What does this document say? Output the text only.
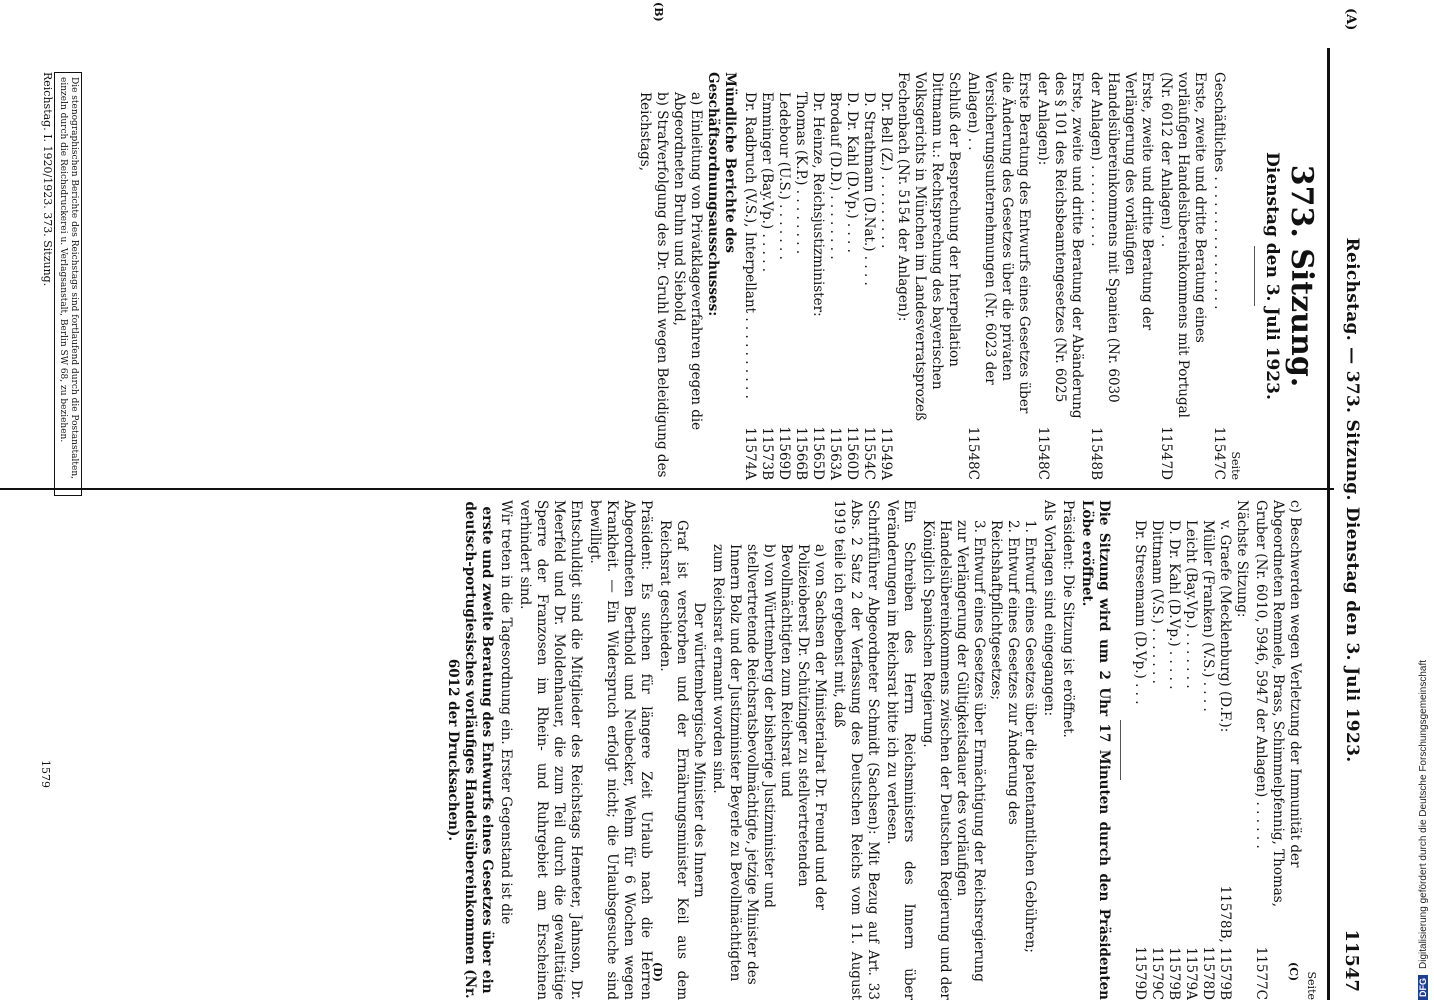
(A)
Reichstag. — 373. Sitzung. Dienstag den 3. Juli 1923.
11547
(B)
(C)
(D)
373. Sitzung.
Dienstag den 3. Juli 1923.
Seite
Geschäftliches . . . . . . . . . . . . . . . .
11547C
Erste, zweite und dritte Beratung eines vorläufigen Handelsübereinkommens mit Portugal (Nr. 6012 der Anlagen) . .
11547D
Erste, zweite und dritte Beratung der Verlängerung des vorläufigen Handelsübereinkommens mit Spanien (Nr. 6030 der Anlagen) . . . . . . . . . .
11548B
Erste, zweite und dritte Beratung der Abänderung des § 101 des Reichsbeamtengesetzes (Nr. 6025 der Anlagen):
11548C
Erste Beratung des Entwurfs eines Gesetzes über die Änderung des Gesetzes über die privaten Versicherungsunternehmungen (Nr. 6023 der Anlagen) . .
11548C
Schluß der Besprechung der Interpellation Dittmann u.: Rechtsprechung des bayerischen Volksgerichts in München im Landesverratsprozeß Fechenbach (Nr. 5154 der Anlagen):
Dr. Bell (Z.) . . . . . . . . .
11549A
D. Strathmann (D.Nat.) . . . .
11554C
D. Dr. Kahl (D.Vp.) . . . .
11560D
Brodauf (D.D.) . . . . . . . .
11563A
Dr. Heinze, Reichsjustizminister:
11565D
Thomas (K.P.) . . . . . . . .
11566B
Ledebour (U.S.) . . . . . . .
11569D
Emminger (Bay.Vp.) . . . . .
11573B
Dr. Radbruch (V.S.), Interpellant . . . . . . . . . .
11574A
Mündliche Berichte des Geschäftsordnungsausschusses:
a) Einleitung von Privatklageverfahren gegen die Abgeordneten Bruhn und Siebold,
b) Strafverfolgung des Dr. Gruhl wegen Beleidigung des Reichstags,
Die stenographischen Berichte des Reichstags sind fortlaufend durch die Postanstalten, einzeln durch die Reichsdruckerei u. Verlagsanstalt, Berlin SW 68, zu beziehen.
Reichstag. I. 1920/1923. 373. Sitzung.
Seite
c) Beschwerden wegen Verletzung der Immunität der Abgeordneten Remmele, Brass, Schimmelpfennig, Thomas, Gruber (Nr. 6010, 5946, 5947 der Anlagen) . . . . . .
11577C
Nächste Sitzung:
v. Graefe (Mecklenburg) (D.F.):
11578B, 11579B
Müller (Franken) (V.S.) . . . .
11578D
Leicht (Bay.Vp.) . . . . . . .
11579A
D. Dr. Kahl (D.Vp.) . . . . .
11579B
Dittmann (V.S.) . . . . . . .
11579C
Dr. Stresemann (D.Vp.) . . .
11579D

Die Sitzung wird um 2 Uhr 17 Minuten durch den Präsidenten Löbe eröffnet.

Präsident: Die Sitzung ist eröffnet.

Als Vorlagen sind eingegangen:

1. Entwurf eines Gesetzes über die patentamtlichen Gebühren;
2. Entwurf eines Gesetzes zur Änderung des Reichshaftpflichtgesetzes;
3. Entwurf eines Gesetzes über Ermächtigung der Reichsregierung zur Verlängerung der Gültigkeitsdauer des vorläufigen Handelsübereinkommens zwischen der Deutschen Regierung und der Königlich Spanischen Regierung.

Ein Schreiben des Herrn Reichsministers des Innern über Veränderungen im Reichsrat bitte ich zu verlesen.

Schriftführer Abgeordneter Schmidt (Sachsen): Mit Bezug auf Art. 33 Abs. 2 Satz 2 der Verfassung des Deutschen Reichs vom 11. August 1919 teile ich ergebenst mit, daß

a) von Sachsen der Ministerialrat Dr. Freund und der Polizeioberst Dr. Schützinger zu stellvertretenden Bevollmächtigten zum Reichsrat und
b) von Württemberg der bisherige Justizminister und stellvertretende Reichsratsbevollmächtigte, jetzige Minister des Innern Bolz und der Justizminister Beyerle zu Bevollmächtigten zum Reichsrat ernannt worden sind.
Der württembergische Minister des Innern

Graf ist verstorben und der Ernährungsminister Keil aus dem Reichsrat geschieden.

Präsident: Es suchen für längere Zeit Urlaub nach die Herren Abgeordneten Berthold und Neubecker, Wehm für 6 Wochen wegen Krankheit. — Ein Widerspruch erfolgt nicht; die Urlaubsgesuche sind bewilligt.

Entschuldigt sind die Mitglieder des Reichstags Hemeter, Jahnson, Dr. Meerfeld und Dr. Moldenhauer, die zum Teil durch die gewalttätige Sperre der Franzosen im Rhein- und Ruhrgebiet am Erscheinen verhindert sind.

Wir treten in die Tagesordnung ein. Erster Gegenstand ist die

erste und zweite Beratung des Entwurfs eines Gesetzes über ein deutsch-portugiesisches vorläufiges Handelsübereinkommen (Nr. 6012 der Drucksachen).

1579
DFG
Digitalisierung gefördert durch die Deutsche Forschungsgemeinschaft
